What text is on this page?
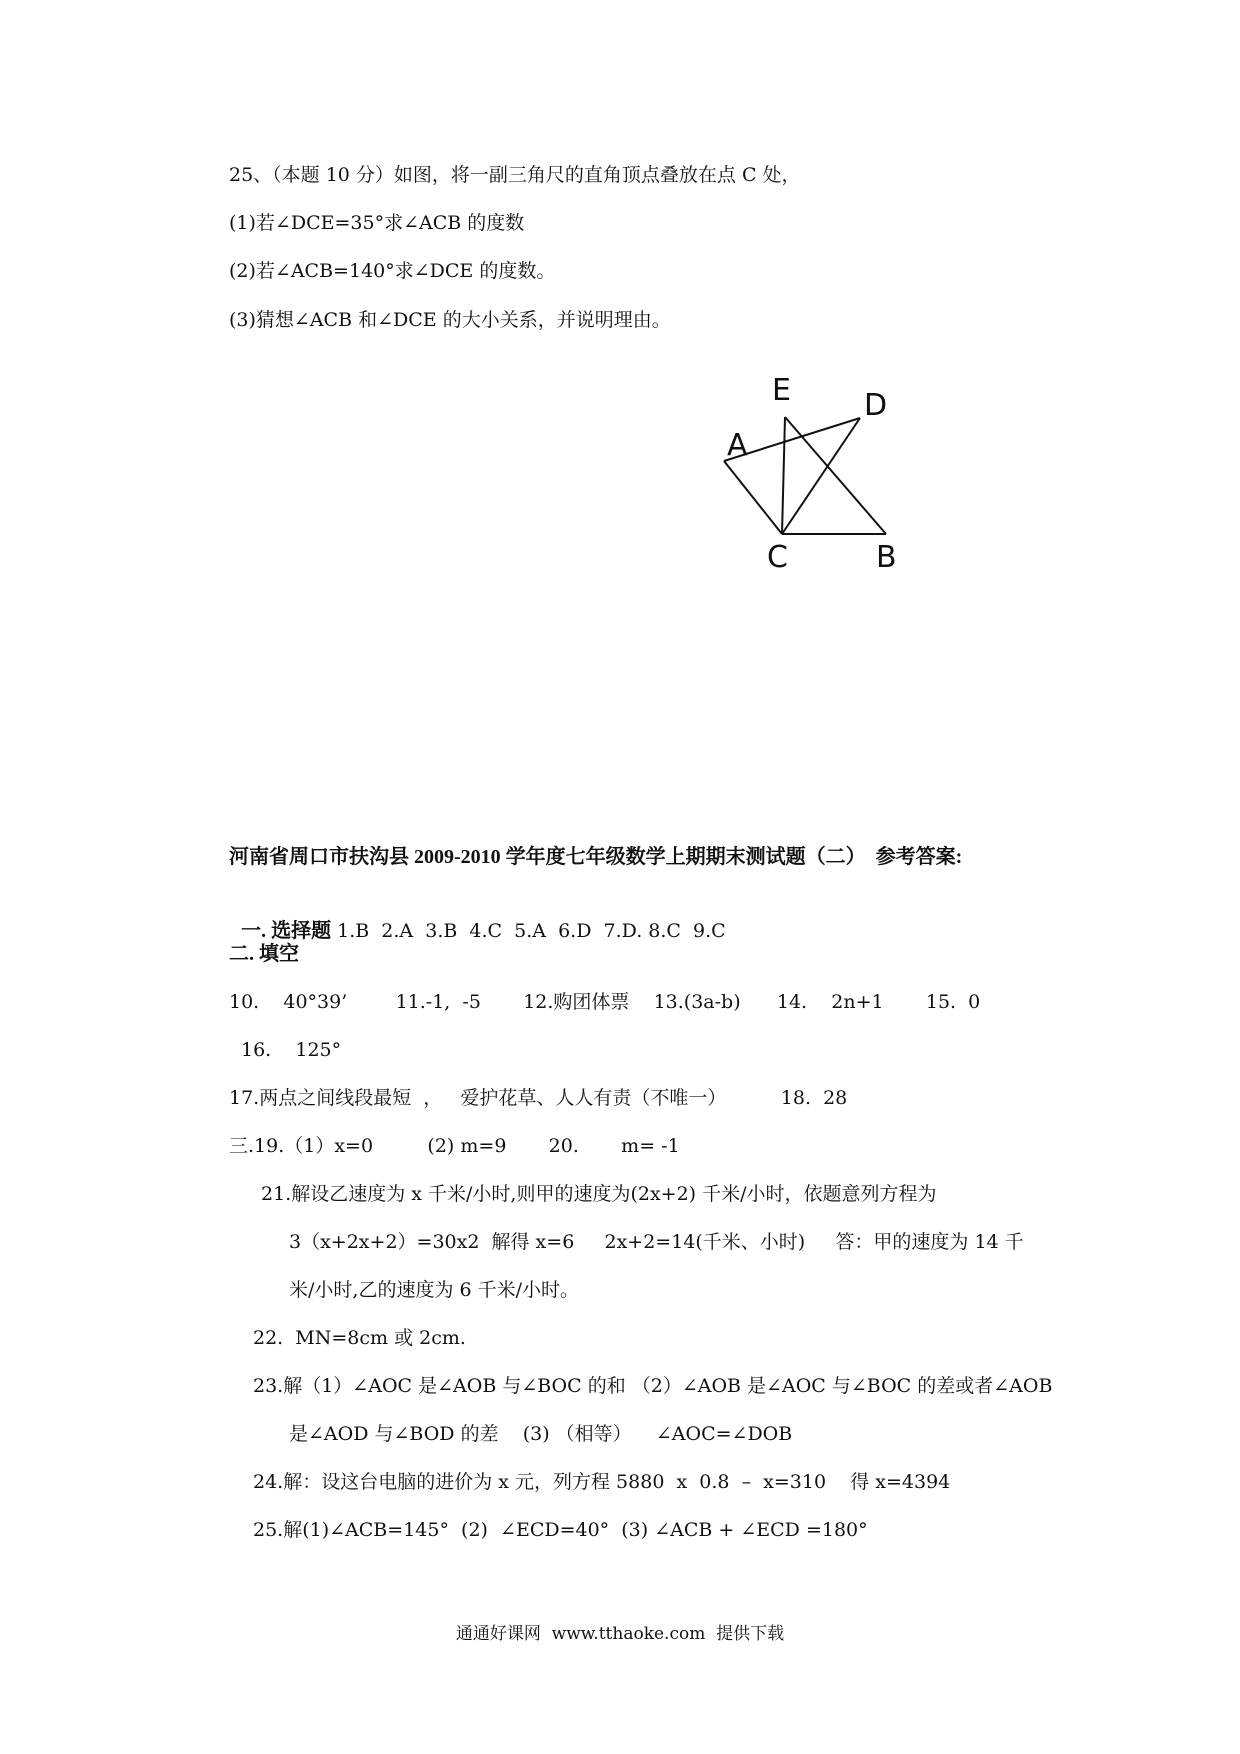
25、（本题 10 分）如图，将一副三角尺的直角顶点叠放在点 C 处，
(1)若∠DCE=35°求∠ACB 的度数
(2)若∠ACB=140°求∠DCE 的度数。
(3)猜想∠ACB 和∠DCE 的大小关系，并说明理由。
E D
A
C	B
河南省周口市扶沟县 2009-2010 学年度七年级数学上期期末测试题（二）  参考答案:

一. 选择题 1.B  2.A  3.B  4.C  5.A  6.D  7.D. 8.C  9.C

二. 填空
10.    40°39’        11.-1,  -5       12.购团体票    13.(3a-b)      14.    2n+1       15.  0
16.    125°
17.两点之间线段最短  ，   爱护花草、人人有责（不唯一）         18.  28
三.19.（1）x=0         (2) m=9       20.       m= -1
21.解设乙速度为 x 千米/小时,则甲的速度为(2x+2) 千米/小时，依题意列方程为
3（x+2x+2）=30x2  解得 x=6     2x+2=14(千米、小时)     答：甲的速度为 14 千
米/小时,乙的速度为 6 千米/小时。
22.  MN=8cm 或 2cm.
23.解（1）∠AOC 是∠AOB 与∠BOC 的和 （2）∠AOB 是∠AOC 与∠BOC 的差或者∠AOB
是∠AOD 与∠BOD 的差    (3) （相等）    ∠AOC=∠DOB
24.解：设这台电脑的进价为 x 元，列方程 5880  x  0.8  –  x=310    得 x=4394
25.解(1)∠ACB=145°  (2)  ∠ECD=40°  (3) ∠ACB + ∠ECD =180°
通通好课网  www.tthaoke.com  提供下载
